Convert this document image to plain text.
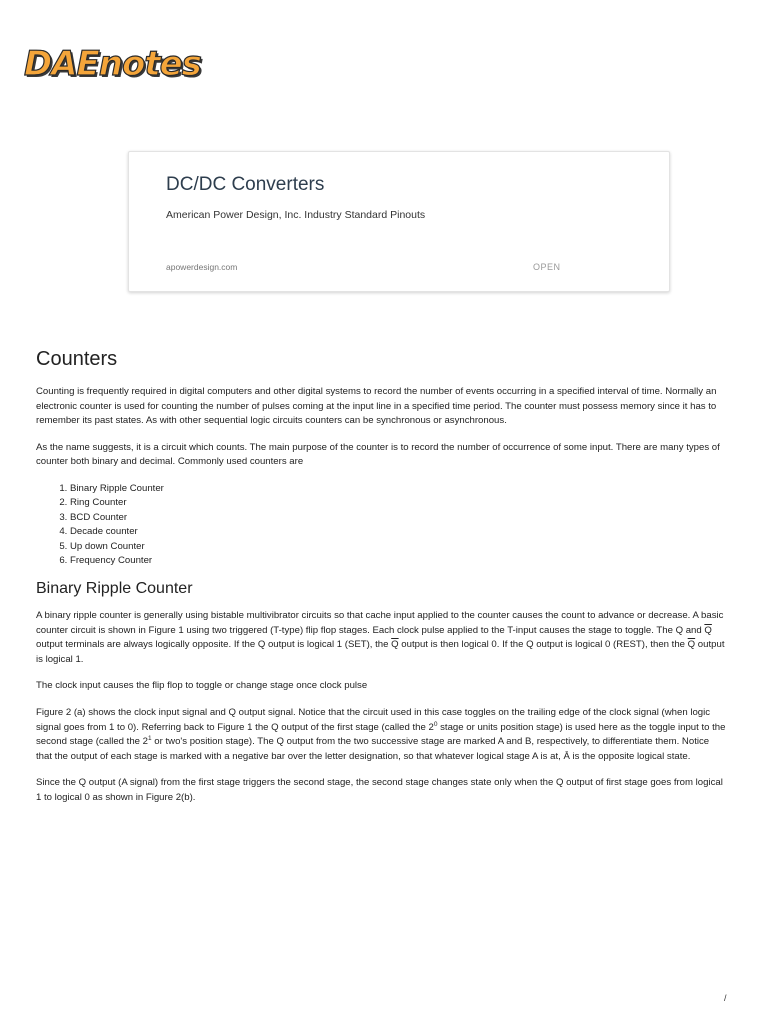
DAEnotes
DC/DC Converters
American Power Design, Inc. Industry Standard Pinouts
apowerdesign.com	OPEN
Counters

Counting is frequently required in digital computers and other digital systems to record the number of events occurring in a specified interval of time. Normally an electronic counter is used for counting the number of pulses coming at the input line in a specified time period. The counter must possess memory since it has to remember its past states. As with other sequential logic circuits counters can be synchronous or asynchronous.

As the name suggests, it is a circuit which counts. The main purpose of the counter is to record the number of occurrence of some input. There are many types of counter both binary and decimal. Commonly used counters are

1. Binary Ripple Counter
2. Ring Counter
3. BCD Counter
4. Decade counter
5. Up down Counter
6. Frequency Counter
Binary Ripple Counter

A binary ripple counter is generally using bistable multivibrator circuits so that cache input applied to the counter causes the count to advance or decrease. A basic counter circuit is shown in Figure 1 using two triggered (T-type) flip flop stages. Each clock pulse applied to the T-input causes the stage to toggle. The Q and $\overline{Q}$ output terminals are always logically opposite. If the Q output is logical 1 (SET), the $\overline{Q}$ output is then logical 0. If the Q output is logical 0 (REST), then the $\overline{Q}$ output is logical 1.

The clock input causes the flip flop to toggle or change stage once clock pulse

Figure 2 (a) shows the clock input signal and Q output signal. Notice that the circuit used in this case toggles on the trailing edge of the clock signal (when logic signal goes from 1 to 0). Referring back to Figure 1 the Q output of the first stage (called the $2^0$ stage or units position stage) is used here as the toggle input to the second stage (called the $2^1$ or two's position stage). The Q output from the two successive stage are marked A and B, respectively, to differentiate them. Notice that the output of each stage is marked with a negative bar over the letter designation, so that whatever logical stage A is at, Ā is the opposite logical state.

Since the Q output (A signal) from the first stage triggers the second stage, the second stage changes state only when the Q output of first stage goes from logical 1 to logical 0 as shown in Figure 2(b).

/
